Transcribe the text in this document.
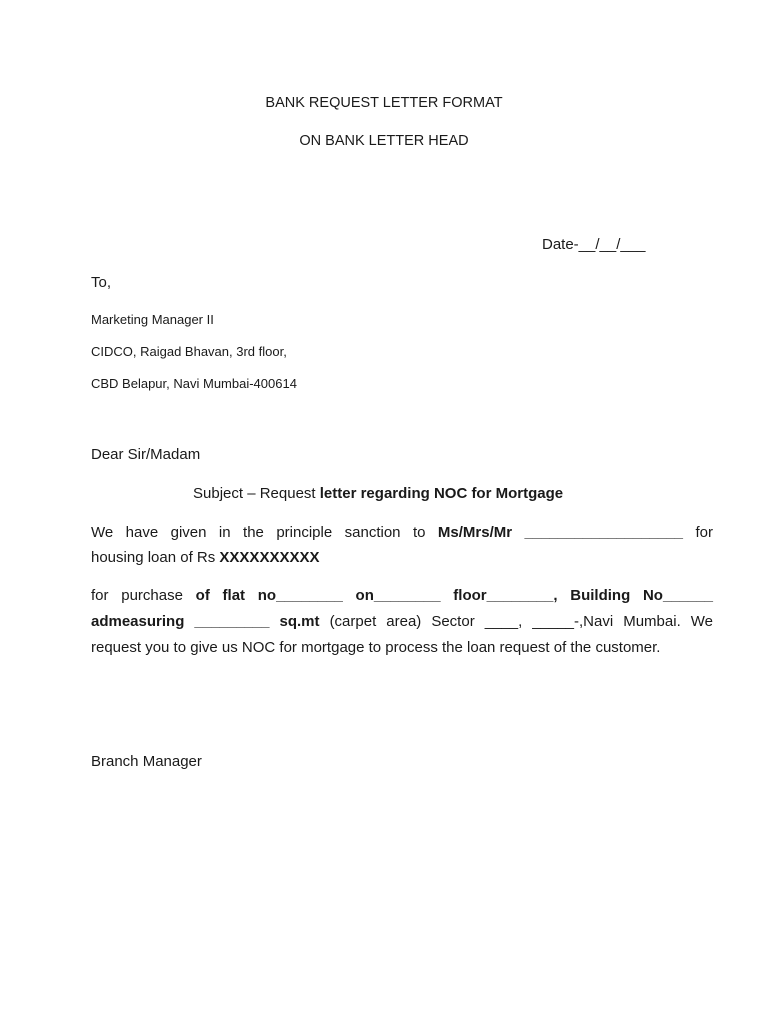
BANK REQUEST LETTER FORMAT
ON BANK LETTER HEAD
Date-__/__/___
To,
Marketing Manager II
CIDCO, Raigad Bhavan, 3rd floor,
CBD Belapur, Navi Mumbai-400614
Dear Sir/Madam
Subject – Request letter regarding NOC for Mortgage
We have given in the principle sanction to Ms/Mrs/Mr ___________________ for
housing loan of Rs XXXXXXXXXX
for purchase of flat no________ on________ floor________, Building No______
admeasuring _________ sq.mt (carpet area) Sector ____, _____-,Navi Mumbai. We
request you to give us NOC for mortgage to process the loan request of the customer.
Branch Manager
